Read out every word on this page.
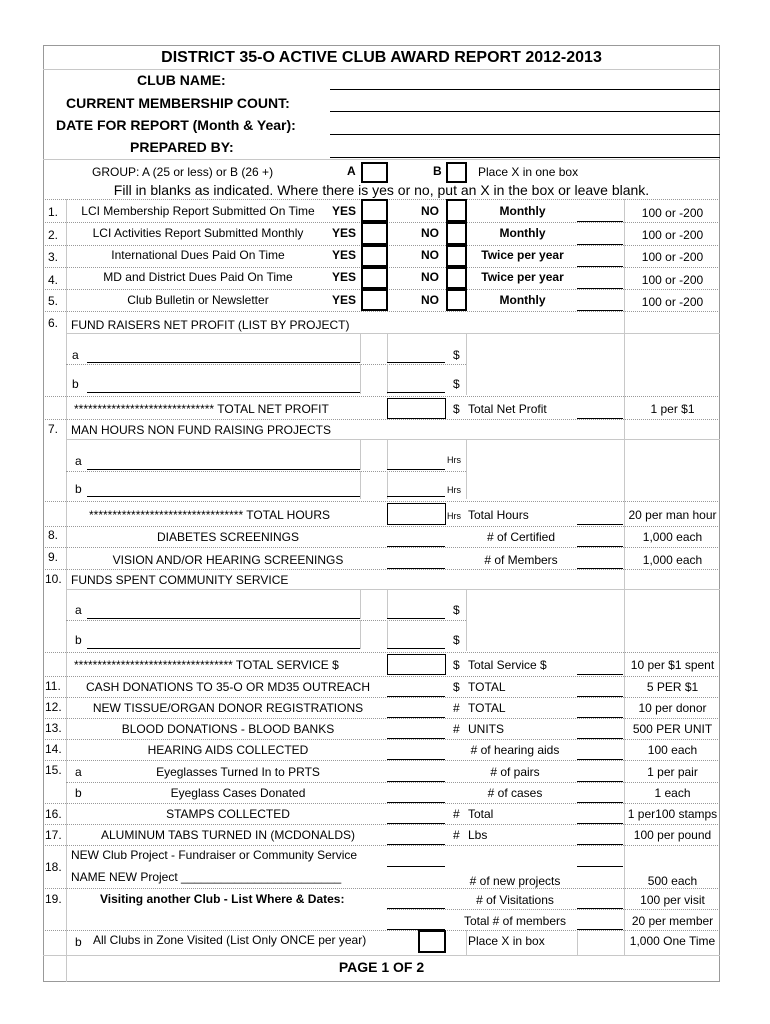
DISTRICT 35-O ACTIVE CLUB AWARD REPORT 2012-2013
CLUB NAME:
CURRENT MEMBERSHIP COUNT:
DATE FOR REPORT (Month & Year):
PREPARED BY:
GROUP: A (25 or less) or B (26 +)	A	B	Place X in one box
Fill in blanks as indicated. Where there is yes or no, put an X in the box or leave blank.
1.	LCI Membership Report Submitted On Time	YES	NO	Monthly	100 or -200
2.	LCI Activities Report Submitted Monthly	YES	NO	Monthly	100 or -200
3.	International Dues Paid On Time	YES	NO	Twice per year	100 or -200
4.	MD and District Dues Paid On Time	YES	NO	Twice per year	100 or -200
5.	Club Bulletin or Newsletter	YES	NO	Monthly	100 or -200
6. FUND RAISERS NET PROFIT (LIST BY PROJECT)
a	$
b	$
****************************** TOTAL NET PROFIT	$ Total Net Profit	1 per $1
7. MAN HOURS NON FUND RAISING PROJECTS
a	Hrs
b	Hrs
********************************* TOTAL HOURS	Hrs Total Hours	20 per man hour
8.	DIABETES SCREENINGS	# of Certified	1,000 each
9.	VISION AND/OR HEARING SCREENINGS	# of Members	1,000 each
10. FUNDS SPENT COMMUNITY SERVICE
a	$
b	$
********************************** TOTAL SERVICE $	$ Total Service $	10 per $1 spent
11.	CASH DONATIONS TO 35-O OR MD35 OUTREACH	$ TOTAL	5 PER $1
12.	NEW TISSUE/ORGAN DONOR REGISTRATIONS	# TOTAL	10 per donor
13.	BLOOD DONATIONS - BLOOD BANKS	# UNITS	500 PER UNIT
14.	HEARING AIDS COLLECTED	# of hearing aids	100 each
15. a	Eyeglasses Turned In to PRTS	# of pairs	1 per pair
b	Eyeglass Cases Donated	# of cases	1 each
16.	STAMPS COLLECTED	# Total	1 per100 stamps
17.	ALUMINUM TABS TURNED IN (MCDONALDS)	# Lbs	100 per pound
NEW Club Project - Fundraiser or Community Service
18.
NAME NEW Project ________________________	# of new projects	500 each
19.	Visiting another Club - List Where & Dates:	# of Visitations	100 per visit
Total # of members	20 per member
b All Clubs in Zone Visited (List Only ONCE per year)	Place X in box	1,000 One Time
PAGE 1 OF 2
